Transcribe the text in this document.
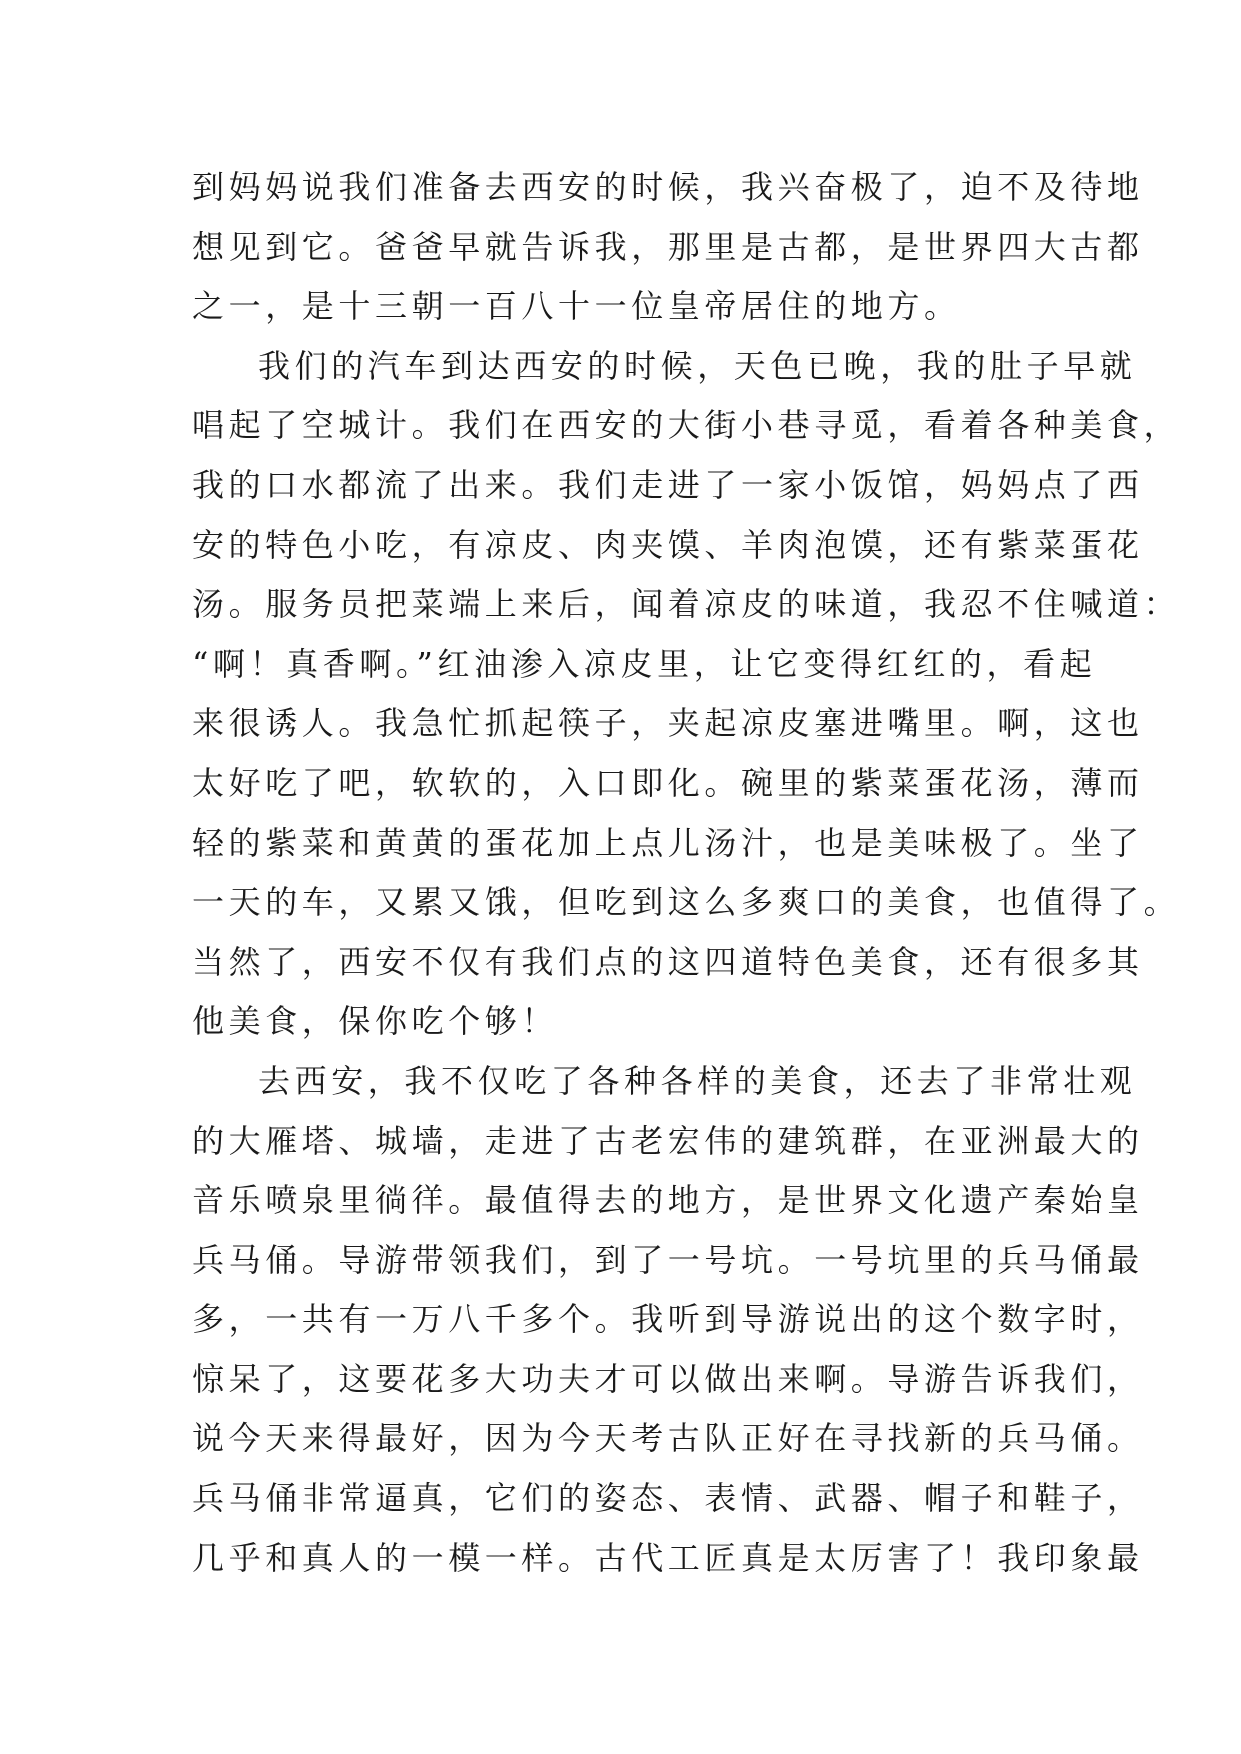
到妈妈说我们准备去西安的时候，我兴奋极了，迫不及待地
想见到它。爸爸早就告诉我，那里是古都，是世界四大古都
之一，是十三朝一百八十一位皇帝居住的地方。
我们的汽车到达西安的时候，天色已晚，我的肚子早就
唱起了空城计。我们在西安的大街小巷寻觅，看着各种美食，
我的口水都流了出来。我们走进了一家小饭馆，妈妈点了西
安的特色小吃，有凉皮、肉夹馍、羊肉泡馍，还有紫菜蛋花
汤。服务员把菜端上来后，闻着凉皮的味道，我忍不住喊道：
“啊！真香啊。”红油渗入凉皮里，让它变得红红的，看起
来很诱人。我急忙抓起筷子，夹起凉皮塞进嘴里。啊，这也
太好吃了吧，软软的，入口即化。碗里的紫菜蛋花汤，薄而
轻的紫菜和黄黄的蛋花加上点儿汤汁，也是美味极了。坐了
一天的车，又累又饿，但吃到这么多爽口的美食，也值得了。
当然了，西安不仅有我们点的这四道特色美食，还有很多其
他美食，保你吃个够！
去西安，我不仅吃了各种各样的美食，还去了非常壮观
的大雁塔、城墙，走进了古老宏伟的建筑群，在亚洲最大的
音乐喷泉里徜徉。最值得去的地方，是世界文化遗产秦始皇
兵马俑。导游带领我们，到了一号坑。一号坑里的兵马俑最
多，一共有一万八千多个。我听到导游说出的这个数字时，
惊呆了，这要花多大功夫才可以做出来啊。导游告诉我们，
说今天来得最好，因为今天考古队正好在寻找新的兵马俑。
兵马俑非常逼真，它们的姿态、表情、武器、帽子和鞋子，
几乎和真人的一模一样。古代工匠真是太厉害了！我印象最
